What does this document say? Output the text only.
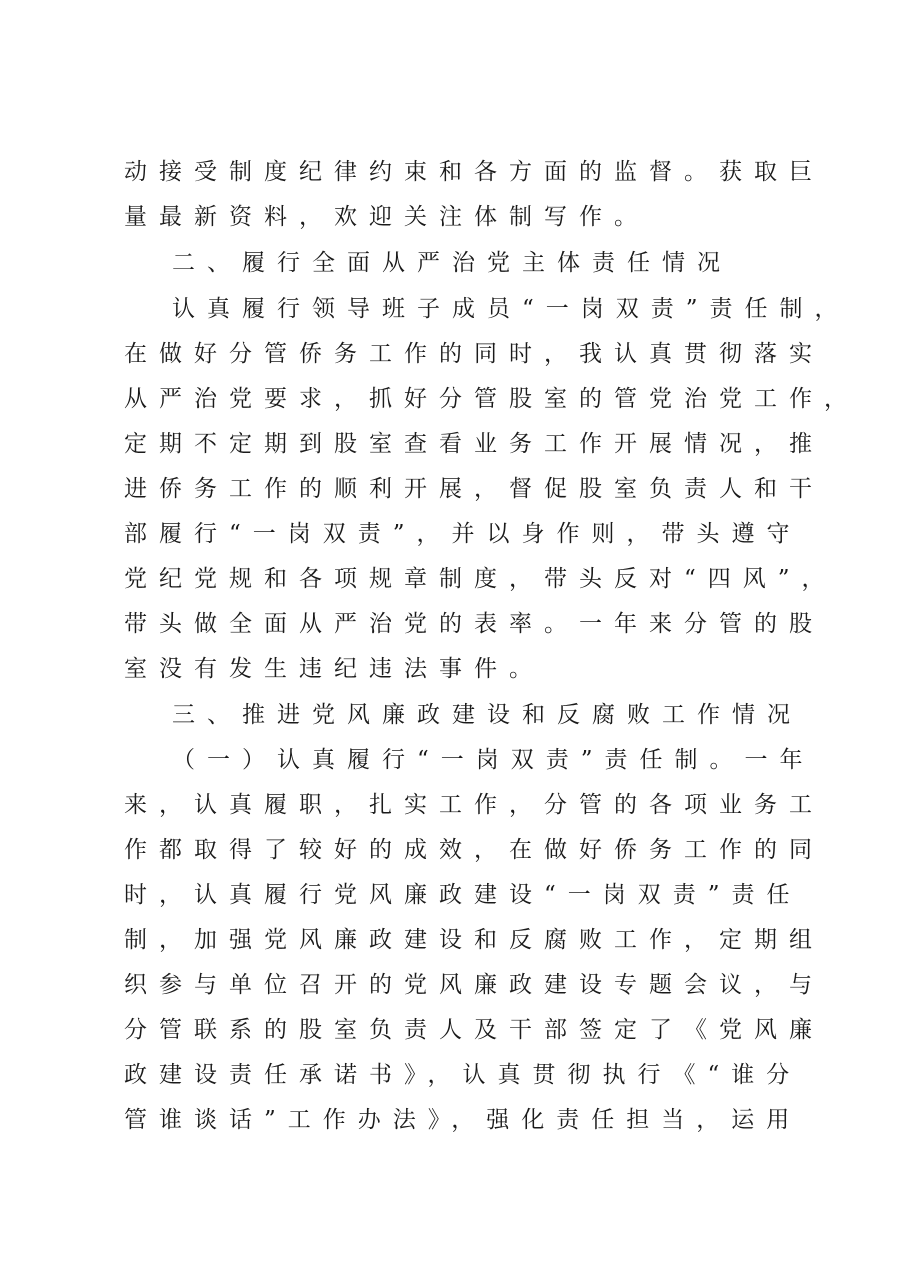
动接受制度纪律约束和各方面的监督。获取巨
量最新资料，欢迎关注体制写作。
二、履行全面从严治党主体责任情况
认真履行领导班子成员“一岗双责”责任制，
在做好分管侨务工作的同时，我认真贯彻落实
从严治党要求，抓好分管股室的管党治党工作，
定期不定期到股室查看业务工作开展情况，推
进侨务工作的顺利开展，督促股室负责人和干
部履行“一岗双责”，并以身作则，带头遵守
党纪党规和各项规章制度，带头反对“四风”，
带头做全面从严治党的表率。一年来分管的股
室没有发生违纪违法事件。
三、推进党风廉政建设和反腐败工作情况
（一）认真履行“一岗双责”责任制。一年
来，认真履职，扎实工作，分管的各项业务工
作都取得了较好的成效，在做好侨务工作的同
时，认真履行党风廉政建设“一岗双责”责任
制，加强党风廉政建设和反腐败工作，定期组
织参与单位召开的党风廉政建设专题会议，与
分管联系的股室负责人及干部签定了《党风廉
政建设责任承诺书》，认真贯彻执行《“谁分
管谁谈话”工作办法》，强化责任担当，运用
